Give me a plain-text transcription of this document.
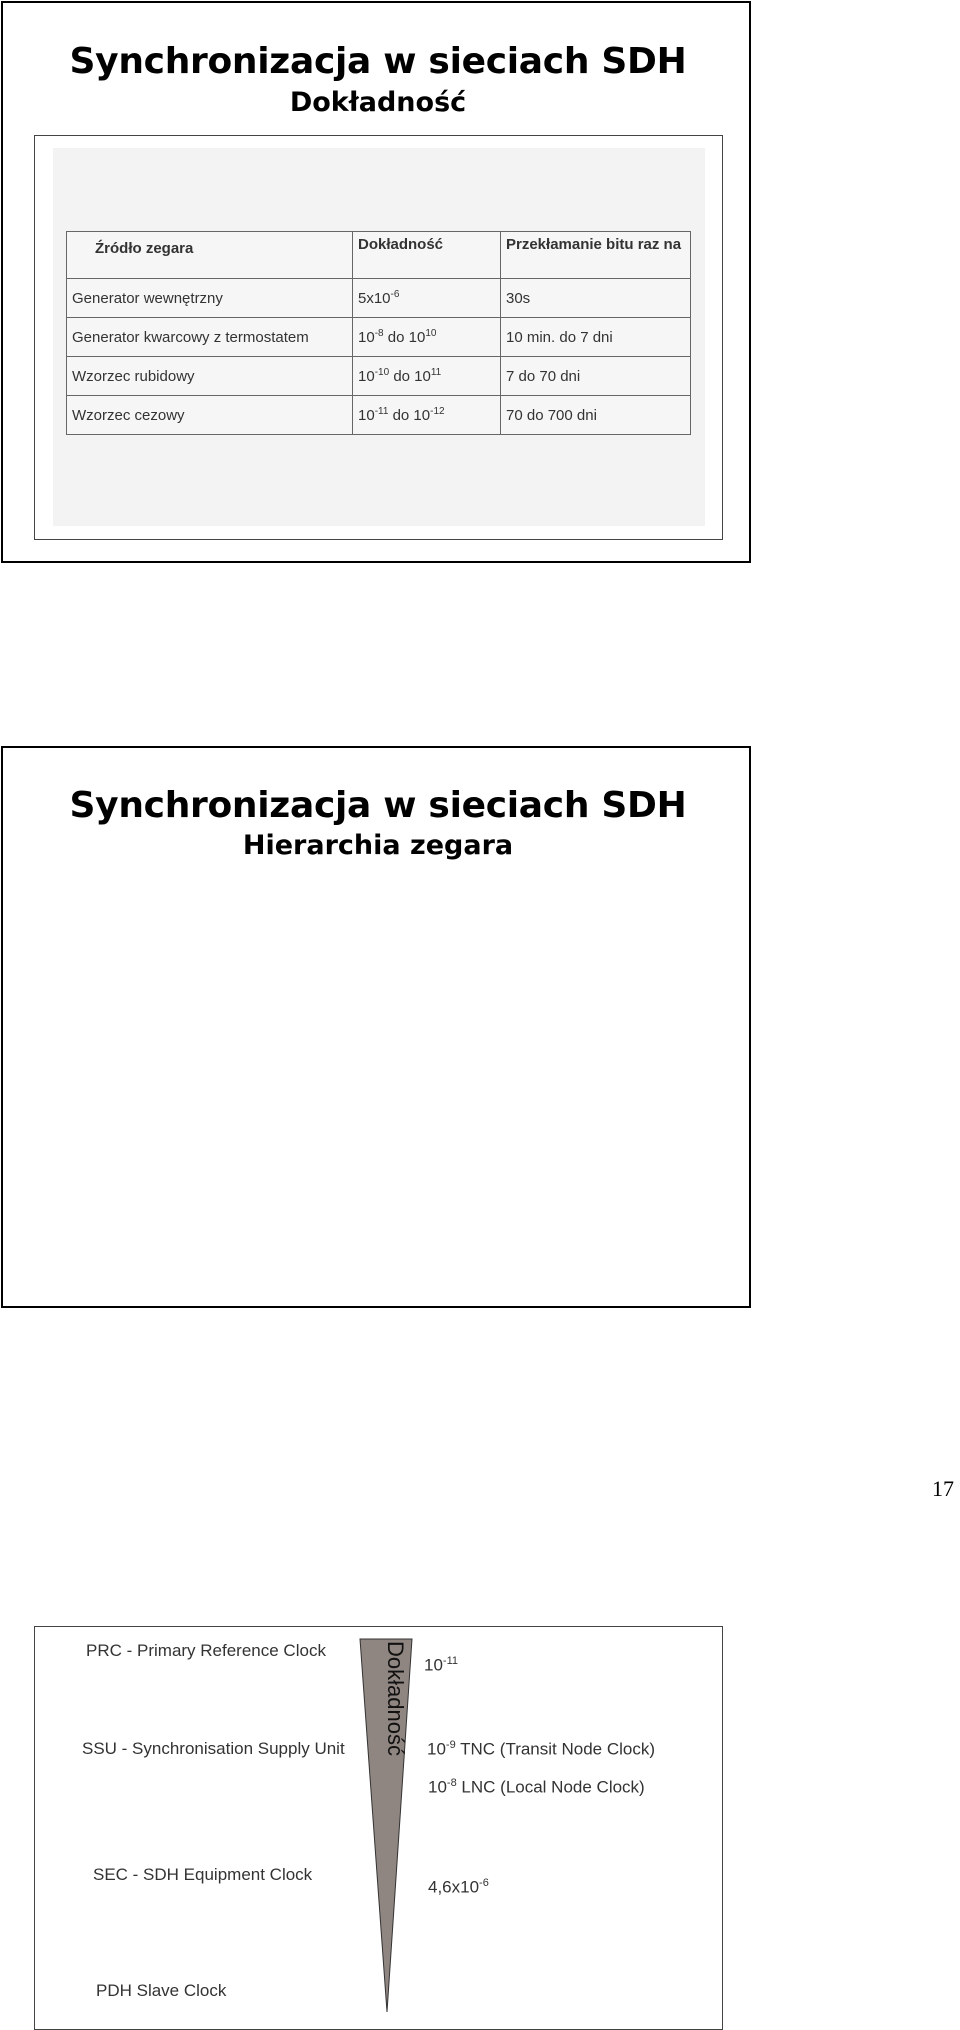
Synchronizacja w sieciach SDH
Dokładność
Źródło zegara	Dokładność	Przekłamanie bitu raz na
Generator wewnętrzny	$5x10^{-6}$	30s
Generator kwarcowy z termostatem	$10^{-8}$ do $10^{10}$	10 min. do 7 dni
Wzorzec rubidowy	$10^{-10}$ do $10^{11}$	7 do 70 dni
Wzorzec cezowy	$10^{-11}$ do $10^{-12}$	70 do 700 dni
Synchronizacja w sieciach SDH
Hierarchia zegara
Dokładność
PRC - Primary Reference Clock
SSU - Synchronisation Supply Unit
SEC - SDH Equipment Clock
PDH Slave Clock
$10^{-11}$
$10^{-9}$ TNC (Transit Node Clock)
$10^{-8}$ LNC (Local Node Clock)
$4,6x10^{-6}$
17
